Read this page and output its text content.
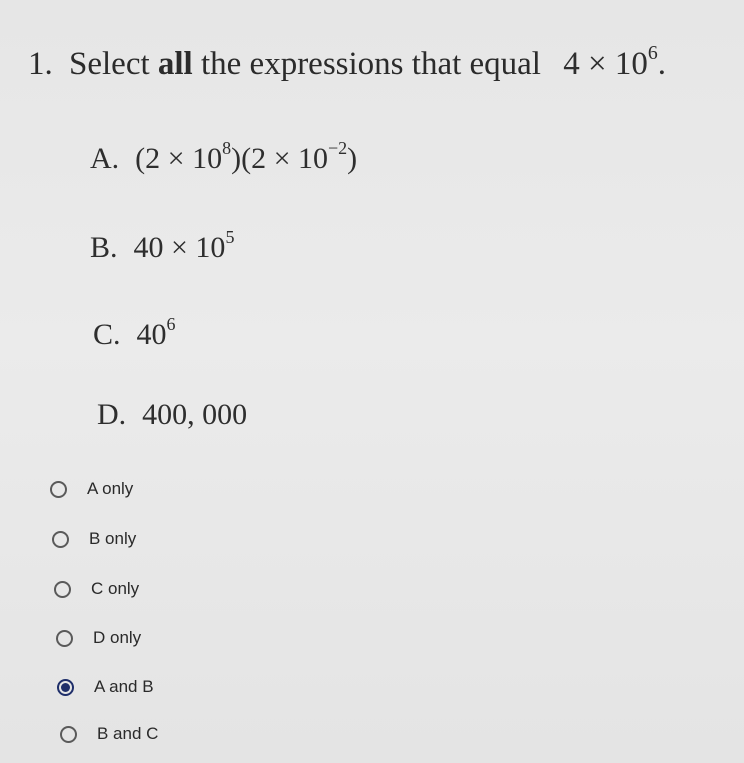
1. Select all the expressions that equal $4 \times 10^6$.
A. $(2 \times 10^8)(2 \times 10^{-2})$
B. $40 \times 10^5$
C. $40^6$
D. 400, 000
A only
B only
C only
D only
A and B
B and C
